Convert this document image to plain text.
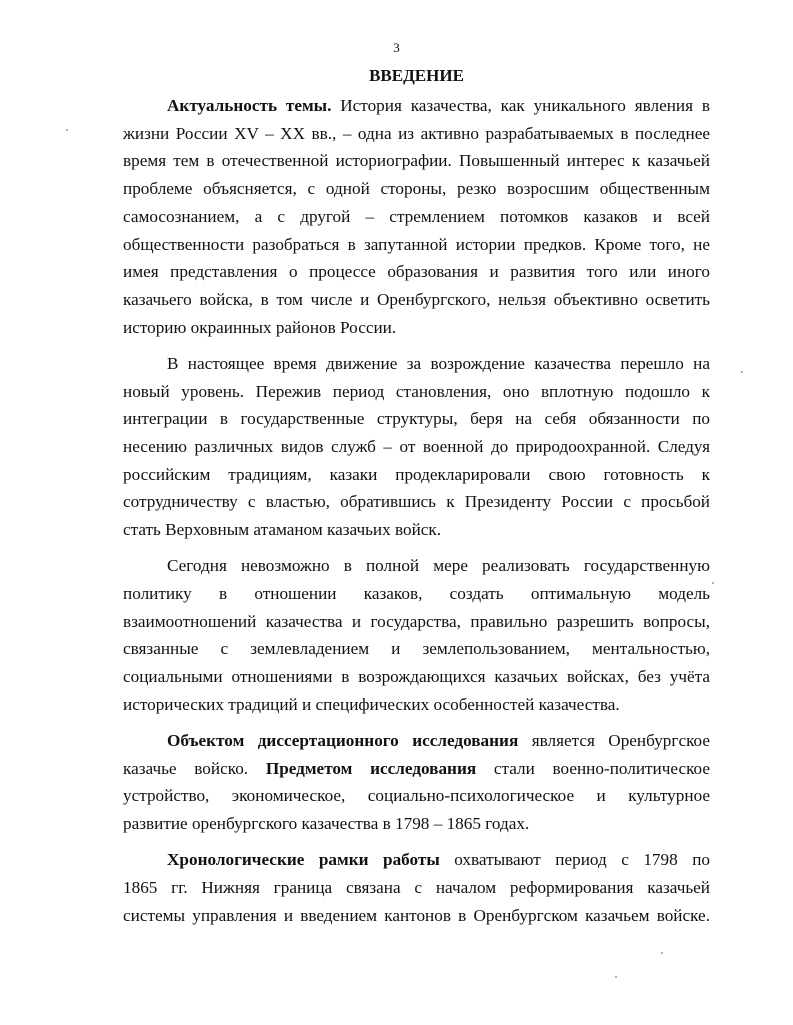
3
ВВЕДЕНИЕ

Актуальность темы. История казачества, как уникального явления в
жизни России XV – XX вв., – одна из активно разрабатываемых в последнее
время тем в отечественной историографии. Повышенный интерес к казачьей
проблеме объясняется, с одной стороны, резко возросшим общественным
самосознанием, а с другой – стремлением потомков казаков и всей
общественности разобраться в запутанной истории предков. Кроме того, не
имея представления о процессе образования и развития того или иного
казачьего войска, в том числе и Оренбургского, нельзя объективно осветить
историю окраинных районов России.

В настоящее время движение за возрождение казачества перешло на
новый уровень. Пережив период становления, оно вплотную подошло к
интеграции в государственные структуры, беря на себя обязанности по
несению различных видов служб – от военной до природоохранной. Следуя
российским традициям, казаки продекларировали свою готовность к
сотрудничеству с властью, обратившись к Президенту России с просьбой
стать Верховным атаманом казачьих войск.

Сегодня невозможно в полной мере реализовать государственную
политику в отношении казаков, создать оптимальную модель
взаимоотношений казачества и государства, правильно разрешить вопросы,
связанные с землевладением и землепользованием, ментальностью,
социальными отношениями в возрождающихся казачьих войсках, без учёта
исторических традиций и специфических особенностей казачества.

Объектом диссертационного исследования является Оренбургское
казачье войско. Предметом исследования стали военно-политическое
устройство, экономическое, социально-психологическое и культурное
развитие оренбургского казачества в 1798 – 1865 годах.

Хронологические рамки работы охватывают период с 1798 по
1865 гг. Нижняя граница связана с началом реформирования казачьей
системы управления и введением кантонов в Оренбургском казачьем войске.
